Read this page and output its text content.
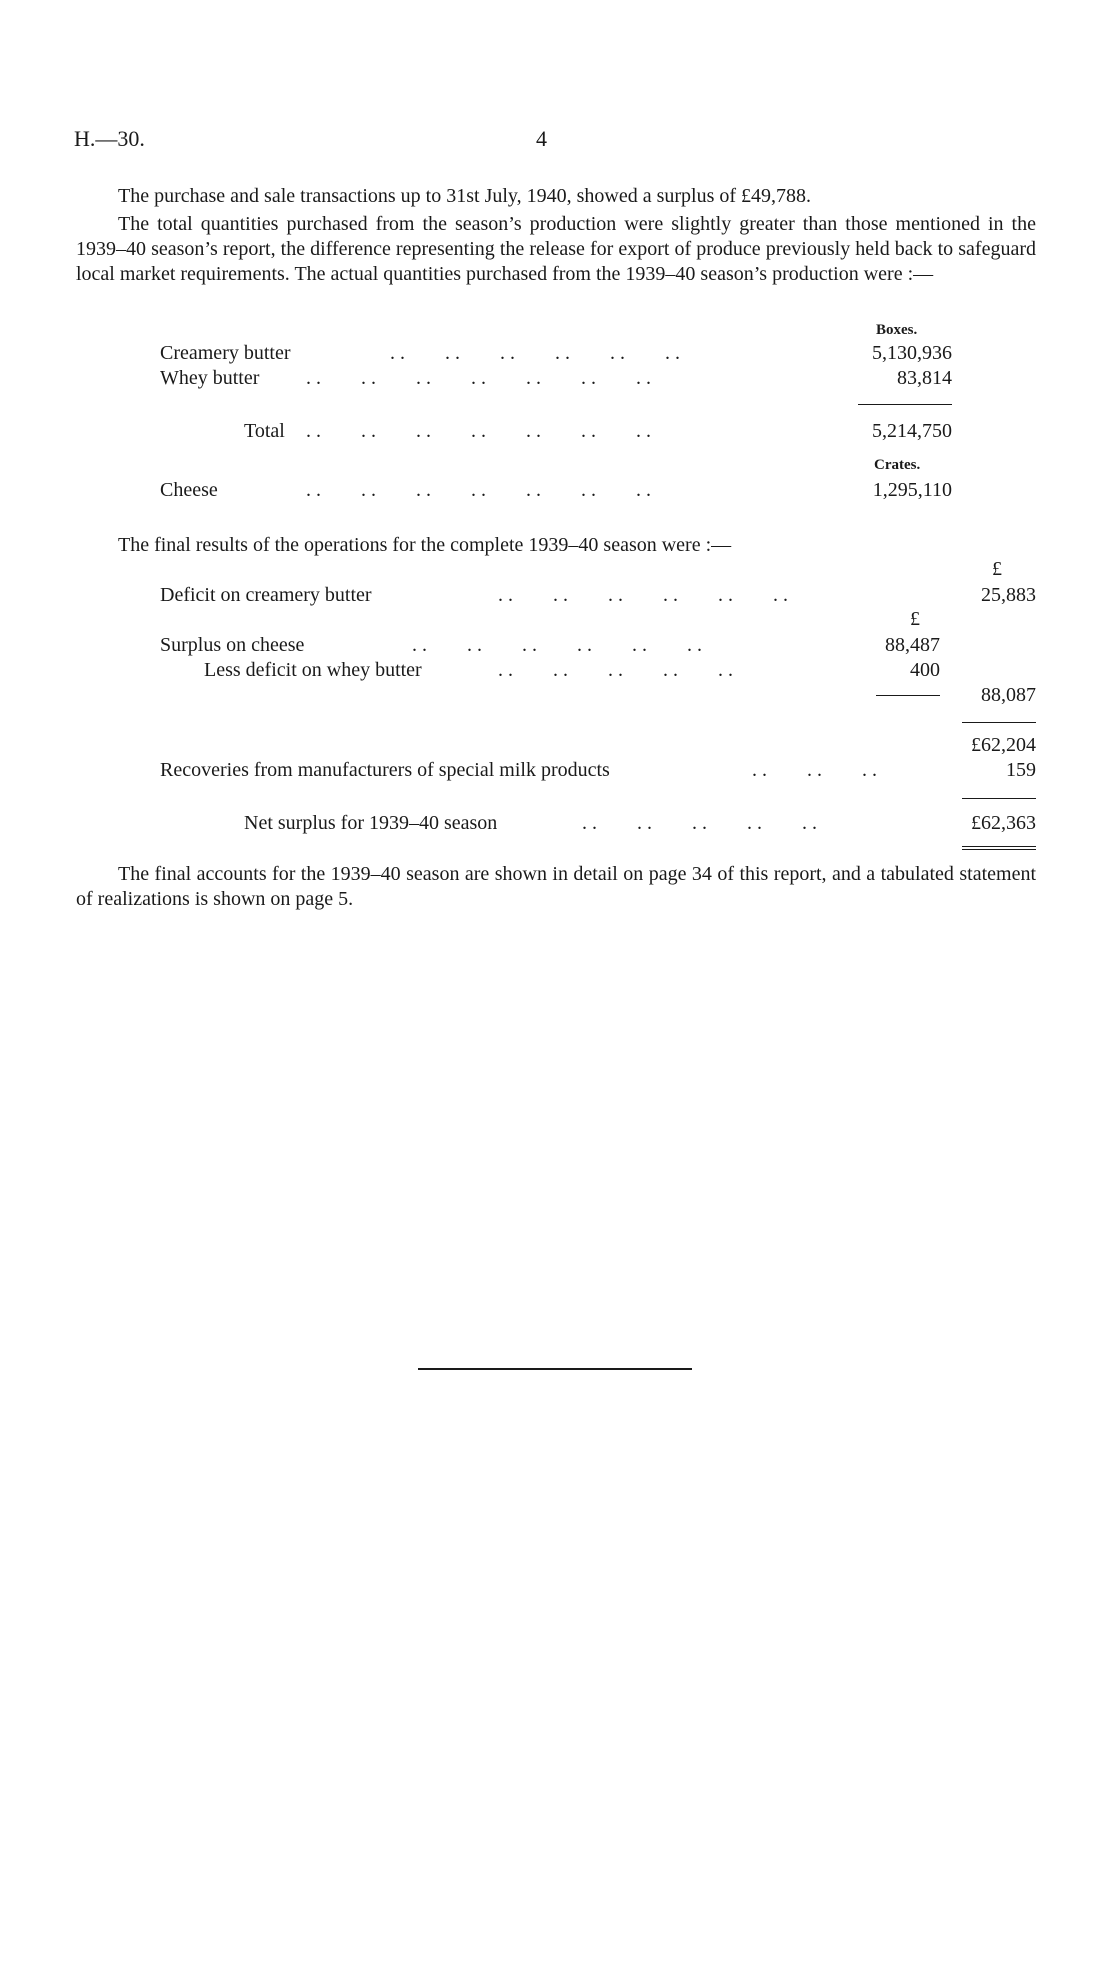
H.—30.	4
The purchase and sale transactions up to 31st July, 1940, showed a surplus of £49,788.
The total quantities purchased from the season’s production were slightly greater than those mentioned in the 1939–40 season’s report, the difference representing the release for export of produce previously held back to safeguard local market requirements. The actual quantities purchased from the 1939–40 season’s production were :—
Boxes.
Creamery butter	. .        . .        . .        . .        . .        . .	5,130,936
Whey butter . .        . .        . .        . .        . .        . .        . .	83,814
Total . .        . .        . .        . .        . .        . .        . .	5,214,750
Crates.
Cheese	. .        . .        . .        . .        . .        . .        . .	1,295,110
The final results of the operations for the complete 1939–40 season were :—
£
Deficit on creamery butter	. .        . .        . .        . .        . .        . .	25,883
£
Surplus on cheese	. .        . .        . .        . .        . .        . .	88,487
Less deficit on whey butter	. .        . .        . .        . .        . .	400
88,087
£62,204
Recoveries from manufacturers of special milk products	. .        . .        . .	159
Net surplus for 1939–40 season	. .        . .        . .        . .        . .	£62,363
The final accounts for the 1939–40 season are shown in detail on page 34 of this report, and a tabulated statement of realizations is shown on page 5.
